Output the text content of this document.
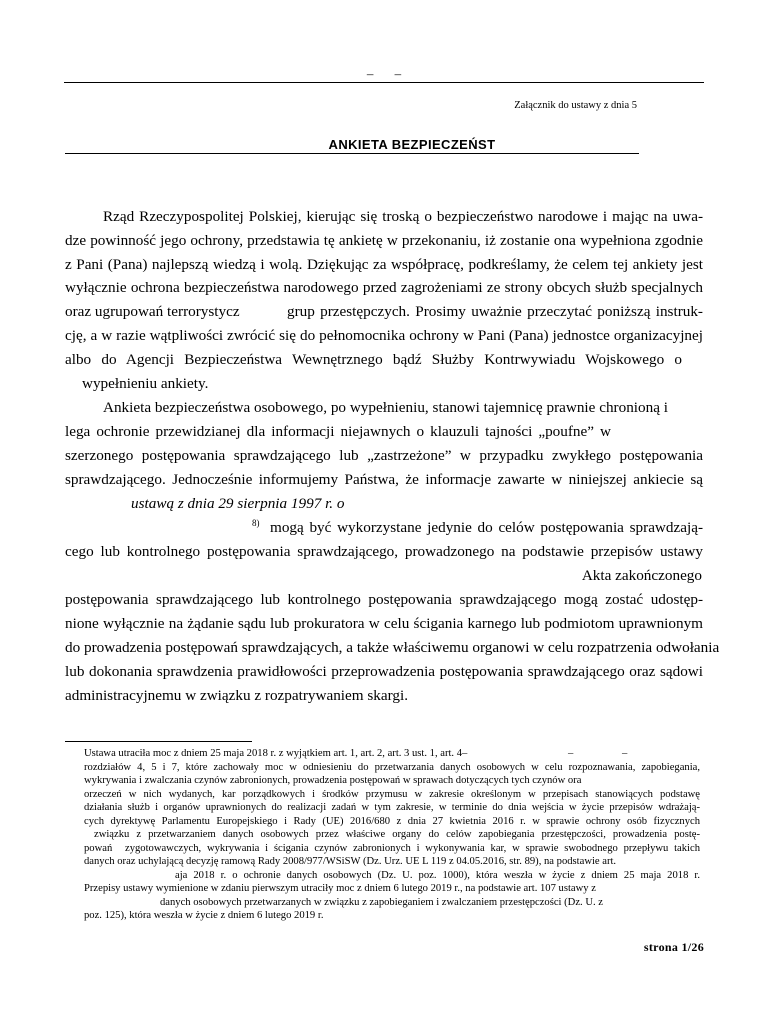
– –
Załącznik do ustawy z dnia 5
ANKIETA BEZPIECZEŃST
Rząd Rzeczypospolitej Polskiej, kierując się troską o bezpieczeństwo narodowe i mając na uwa-
dze powinność jego ochrony, przedstawia tę ankietę w przekonaniu, iż zostanie ona wypełniona zgodnie
z Pani (Pana) najlepszą wiedzą i wolą. Dziękując za współpracę, podkreślamy, że celem tej ankiety jest
wyłącznie ochrona bezpieczeństwa narodowego przed zagrożeniami ze strony obcych służb specjalnych
oraz ugrupowań terrorystycz	grup przestępczych. Prosimy uważnie przeczytać poniższą instruk-
cję, a w razie wątpliwości zwrócić się do pełnomocnika ochrony w Pani (Pana) jednostce organizacyjnej
albo do Agencji Bezpieczeństwa Wewnętrznego bądź Służby Kontrwywiadu Wojskowego o
wypełnieniu ankiety.
Ankieta bezpieczeństwa osobowego, po wypełnieniu, stanowi tajemnicę prawnie chronioną i
lega ochronie przewidzianej dla informacji niejawnych o klauzuli tajności „poufne” w
szerzonego postępowania sprawdzającego lub „zastrzeżone” w przypadku zwykłego postępowania
sprawdzającego. Jednocześnie informujemy Państwa, że informacje zawarte w niniejszej ankiecie są
ustawą z dnia 29 sierpnia 1997 r. o
8) mogą być wykorzystane jedynie do celów postępowania sprawdzają-
cego lub kontrolnego postępowania sprawdzającego, prowadzonego na podstawie przepisów ustawy
Akta zakończonego
postępowania sprawdzającego lub kontrolnego postępowania sprawdzającego mogą zostać udostęp-
nione wyłącznie na żądanie sądu lub prokuratora w celu ścigania karnego lub podmiotom uprawnionym
do prowadzenia postępowań sprawdzających, a także właściwemu organowi w celu rozpatrzenia odwołania
lub dokonania sprawdzenia prawidłowości przeprowadzenia postępowania sprawdzającego oraz sądowi
administracyjnemu w związku z rozpatrywaniem skargi.
Ustawa utraciła moc z dniem 25 maja 2018 r. z wyjątkiem art. 1, art. 2, art. 3 ust. 1, art. 4–	–	–
rozdziałów 4, 5 i 7, które zachowały moc w odniesieniu do przetwarzania danych osobowych w celu rozpoznawania, zapobiegania,
wykrywania i zwalczania czynów zabronionych, prowadzenia postępowań w sprawach dotyczących tych czynów ora
orzeczeń w nich wydanych, kar porządkowych i środków przymusu w zakresie określonym w przepisach stanowiących podstawę
działania służb i organów uprawnionych do realizacji zadań w tym zakresie, w terminie do dnia wejścia w życie przepisów wdrażają-
cych dyrektywę Parlamentu Europejskiego i Rady (UE) 2016/680 z dnia 27 kwietnia 2016 r. w sprawie ochrony osób fizycznych
związku z przetwarzaniem danych osobowych przez właściwe organy do celów zapobiegania przestępczości, prowadzenia postę-
powań zygotowawczych, wykrywania i ścigania czynów zabronionych i wykonywania kar, w sprawie swobodnego przepływu takich
danych oraz uchylającą decyzję ramową Rady 2008/977/WSiSW (Dz. Urz. UE L 119 z 04.05.2016, str. 89), na podstawie art.
aja 2018 r. o ochronie danych osobowych (Dz. U. poz. 1000), która weszła w życie z dniem 25 maja 2018 r.
Przepisy ustawy wymienione w zdaniu pierwszym utraciły moc z dniem 6 lutego 2019 r., na podstawie art. 107 ustawy z
danych osobowych przetwarzanych w związku z zapobieganiem i zwalczaniem przestępczości (Dz. U. z
poz. 125), która weszła w życie z dniem 6 lutego 2019 r.
strona 1/26
